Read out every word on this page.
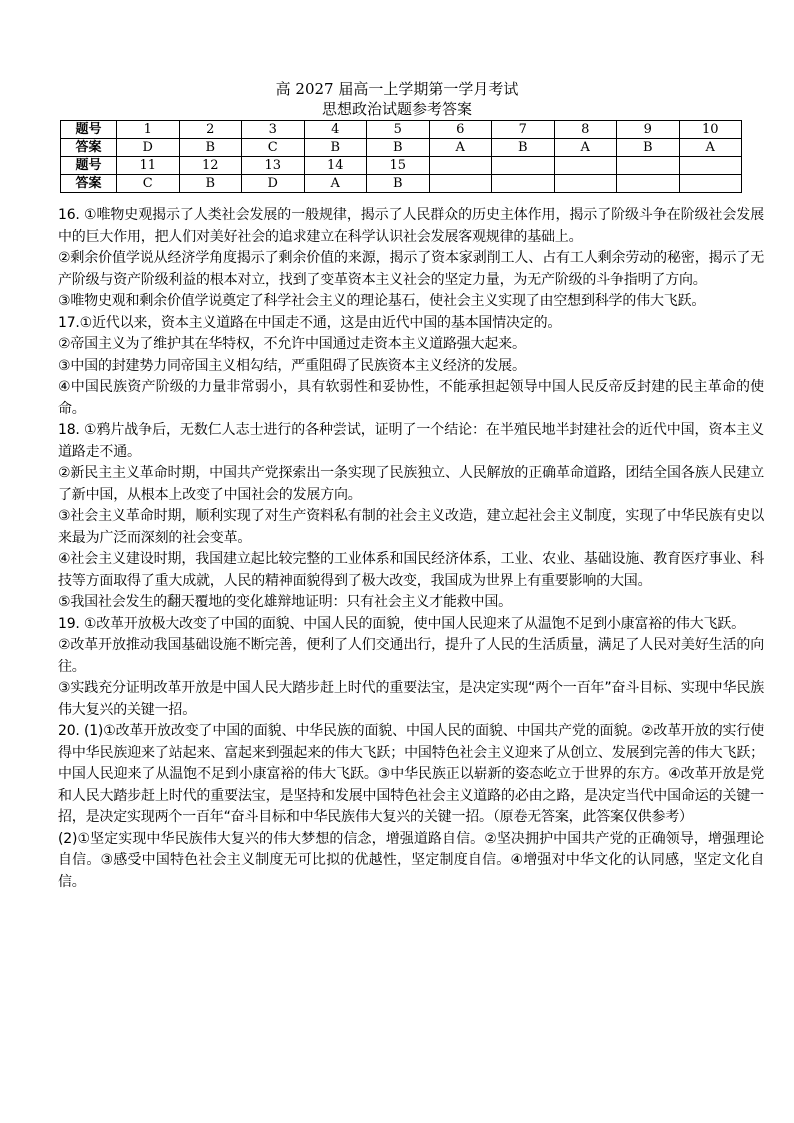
高 2027 届高一上学期第一学月考试
思想政治试题参考答案
题号	1	2	3	4	5	6	7	8	9	10
答案	D	B	C	B	B	A	B	A	B	A
题号	11	12	13	14	15					
答案	C	B	D	A	B					

16. ①唯物史观揭示了人类社会发展的一般规律，揭示了人民群众的历史主体作用，揭示了阶级斗争在阶级社会发展中的巨大作用，把人们对美好社会的追求建立在科学认识社会发展客观规律的基础上。

②剩余价值学说从经济学角度揭示了剩余价值的来源，揭示了资本家剥削工人、占有工人剩余劳动的秘密，揭示了无产阶级与资产阶级利益的根本对立，找到了变革资本主义社会的坚定力量，为无产阶级的斗争指明了方向。

③唯物史观和剩余价值学说奠定了科学社会主义的理论基石，使社会主义实现了由空想到科学的伟大飞跃。

17.①近代以来，资本主义道路在中国走不通，这是由近代中国的基本国情决定的。

②帝国主义为了维护其在华特权，不允许中国通过走资本主义道路强大起来。

③中国的封建势力同帝国主义相勾结，严重阻碍了民族资本主义经济的发展。

④中国民族资产阶级的力量非常弱小，具有软弱性和妥协性，不能承担起领导中国人民反帝反封建的民主革命的使命。

18. ①鸦片战争后，无数仁人志士进行的各种尝试，证明了一个结论：在半殖民地半封建社会的近代中国，资本主义道路走不通。

②新民主主义革命时期，中国共产党探索出一条实现了民族独立、人民解放的正确革命道路，团结全国各族人民建立了新中国，从根本上改变了中国社会的发展方向。

③社会主义革命时期，顺利实现了对生产资料私有制的社会主义改造，建立起社会主义制度，实现了中华民族有史以来最为广泛而深刻的社会变革。

④社会主义建设时期，我国建立起比较完整的工业体系和国民经济体系，工业、农业、基础设施、教育医疗事业、科技等方面取得了重大成就，人民的精神面貌得到了极大改变，我国成为世界上有重要影响的大国。

⑤我国社会发生的翻天覆地的变化雄辩地证明：只有社会主义才能救中国。

19. ①改革开放极大改变了中国的面貌、中国人民的面貌，使中国人民迎来了从温饱不足到小康富裕的伟大飞跃。

②改革开放推动我国基础设施不断完善，便利了人们交通出行，提升了人民的生活质量，满足了人民对美好生活的向往。

③实践充分证明改革开放是中国人民大踏步赶上时代的重要法宝，是决定实现“两个一百年”奋斗目标、实现中华民族伟大复兴的关键一招。

20. (1)①改革开放改变了中国的面貌、中华民族的面貌、中国人民的面貌、中国共产党的面貌。②改革开放的实行使得中华民族迎来了站起来、富起来到强起来的伟大飞跃；中国特色社会主义迎来了从创立、发展到完善的伟大飞跃；中国人民迎来了从温饱不足到小康富裕的伟大飞跃。③中华民族正以崭新的姿态屹立于世界的东方。④改革开放是党和人民大踏步赶上时代的重要法宝，是坚持和发展中国特色社会主义道路的必由之路，是决定当代中国命运的关键一招，是决定实现两个一百年“奋斗目标和中华民族伟大复兴的关键一招。（原卷无答案，此答案仅供参考）

(2)①坚定实现中华民族伟大复兴的伟大梦想的信念，增强道路自信。②坚决拥护中国共产党的正确领导，增强理论自信。③感受中国特色社会主义制度无可比拟的优越性，坚定制度自信。④增强对中华文化的认同感，坚定文化自信。
